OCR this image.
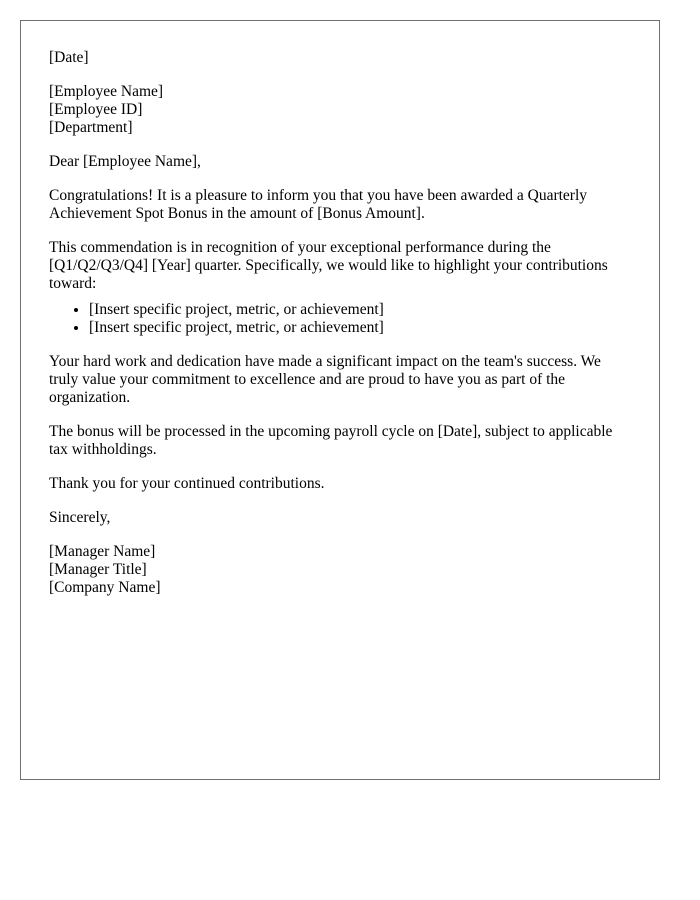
[Date]
[Employee Name]
[Employee ID]
[Department]

Dear [Employee Name],

Congratulations! It is a pleasure to inform you that you have been awarded a Quarterly Achievement Spot Bonus in the amount of [Bonus Amount].

This commendation is in recognition of your exceptional performance during the [Q1/Q2/Q3/Q4] [Year] quarter. Specifically, we would like to highlight your contributions toward:

• [Insert specific project, metric, or achievement]
• [Insert specific project, metric, or achievement]

Your hard work and dedication have made a significant impact on the team's success. We truly value your commitment to excellence and are proud to have you as part of the organization.

The bonus will be processed in the upcoming payroll cycle on [Date], subject to applicable tax withholdings.

Thank you for your continued contributions.

Sincerely,

[Manager Name]
[Manager Title]
[Company Name]
